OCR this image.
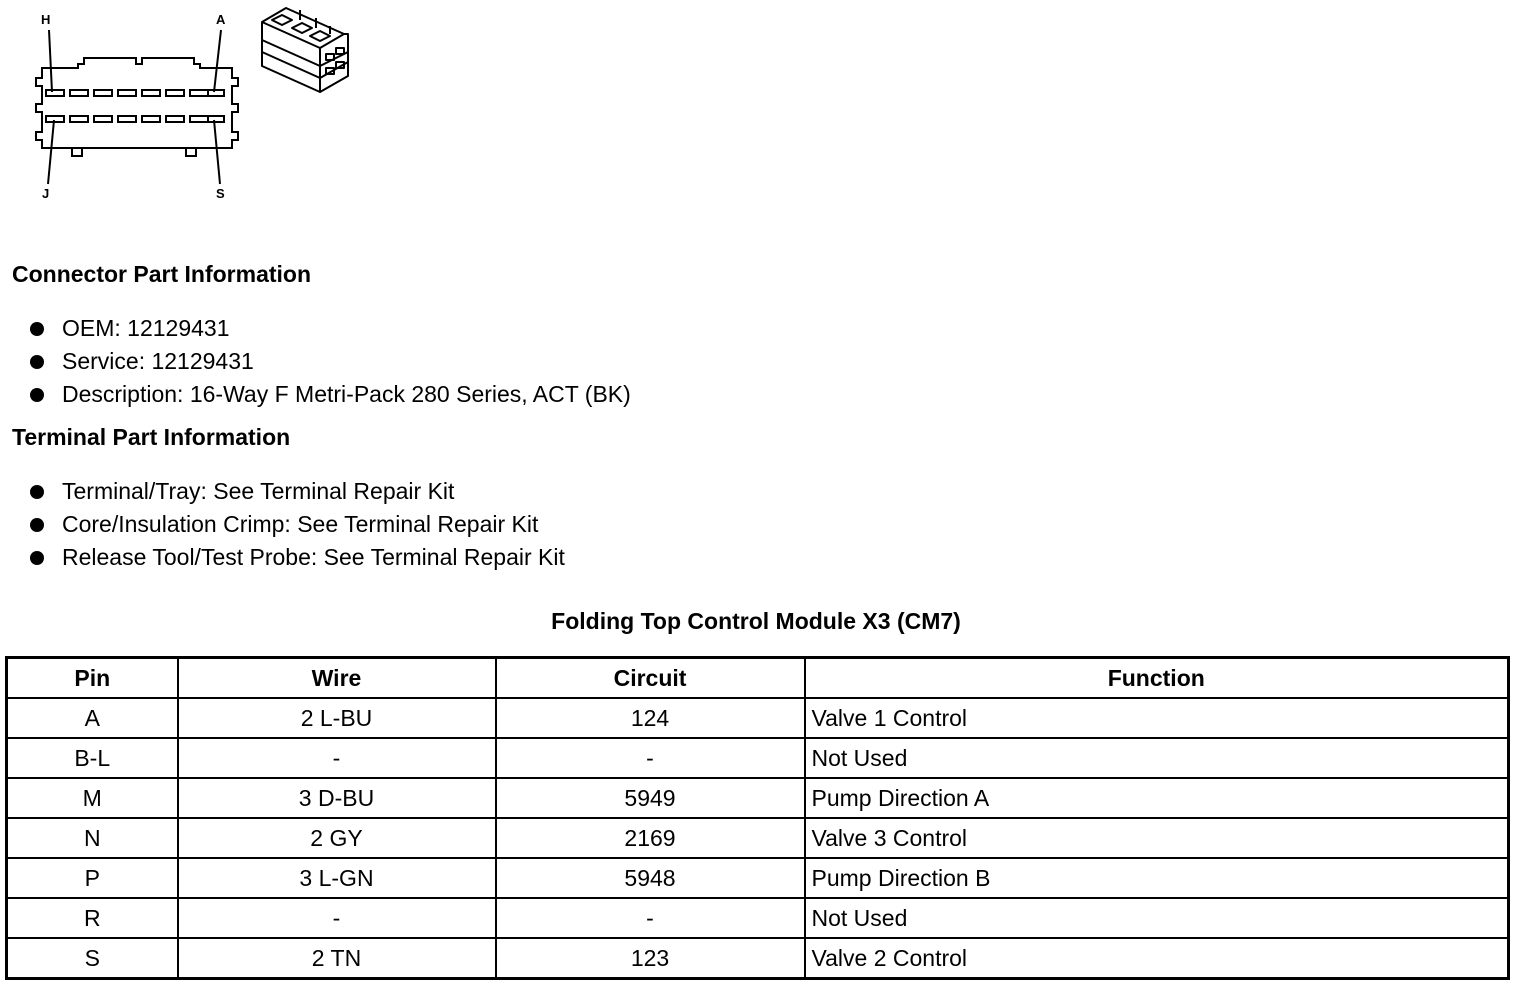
H	A
J	S
Connector Part Information
OEM: 12129431
Service: 12129431
Description: 16-Way F Metri-Pack 280 Series, ACT (BK)
Terminal Part Information
Terminal/Tray: See Terminal Repair Kit
Core/Insulation Crimp: See Terminal Repair Kit
Release Tool/Test Probe: See Terminal Repair Kit
Folding Top Control Module X3 (CM7)
Pin	Wire	Circuit	Function
A	2 L-BU	124	Valve 1 Control
B-L	-	-	Not Used
M	3 D-BU	5949	Pump Direction A
N	2 GY	2169	Valve 3 Control
P	3 L-GN	5948	Pump Direction B
R	-	-	Not Used
S	2 TN	123	Valve 2 Control
